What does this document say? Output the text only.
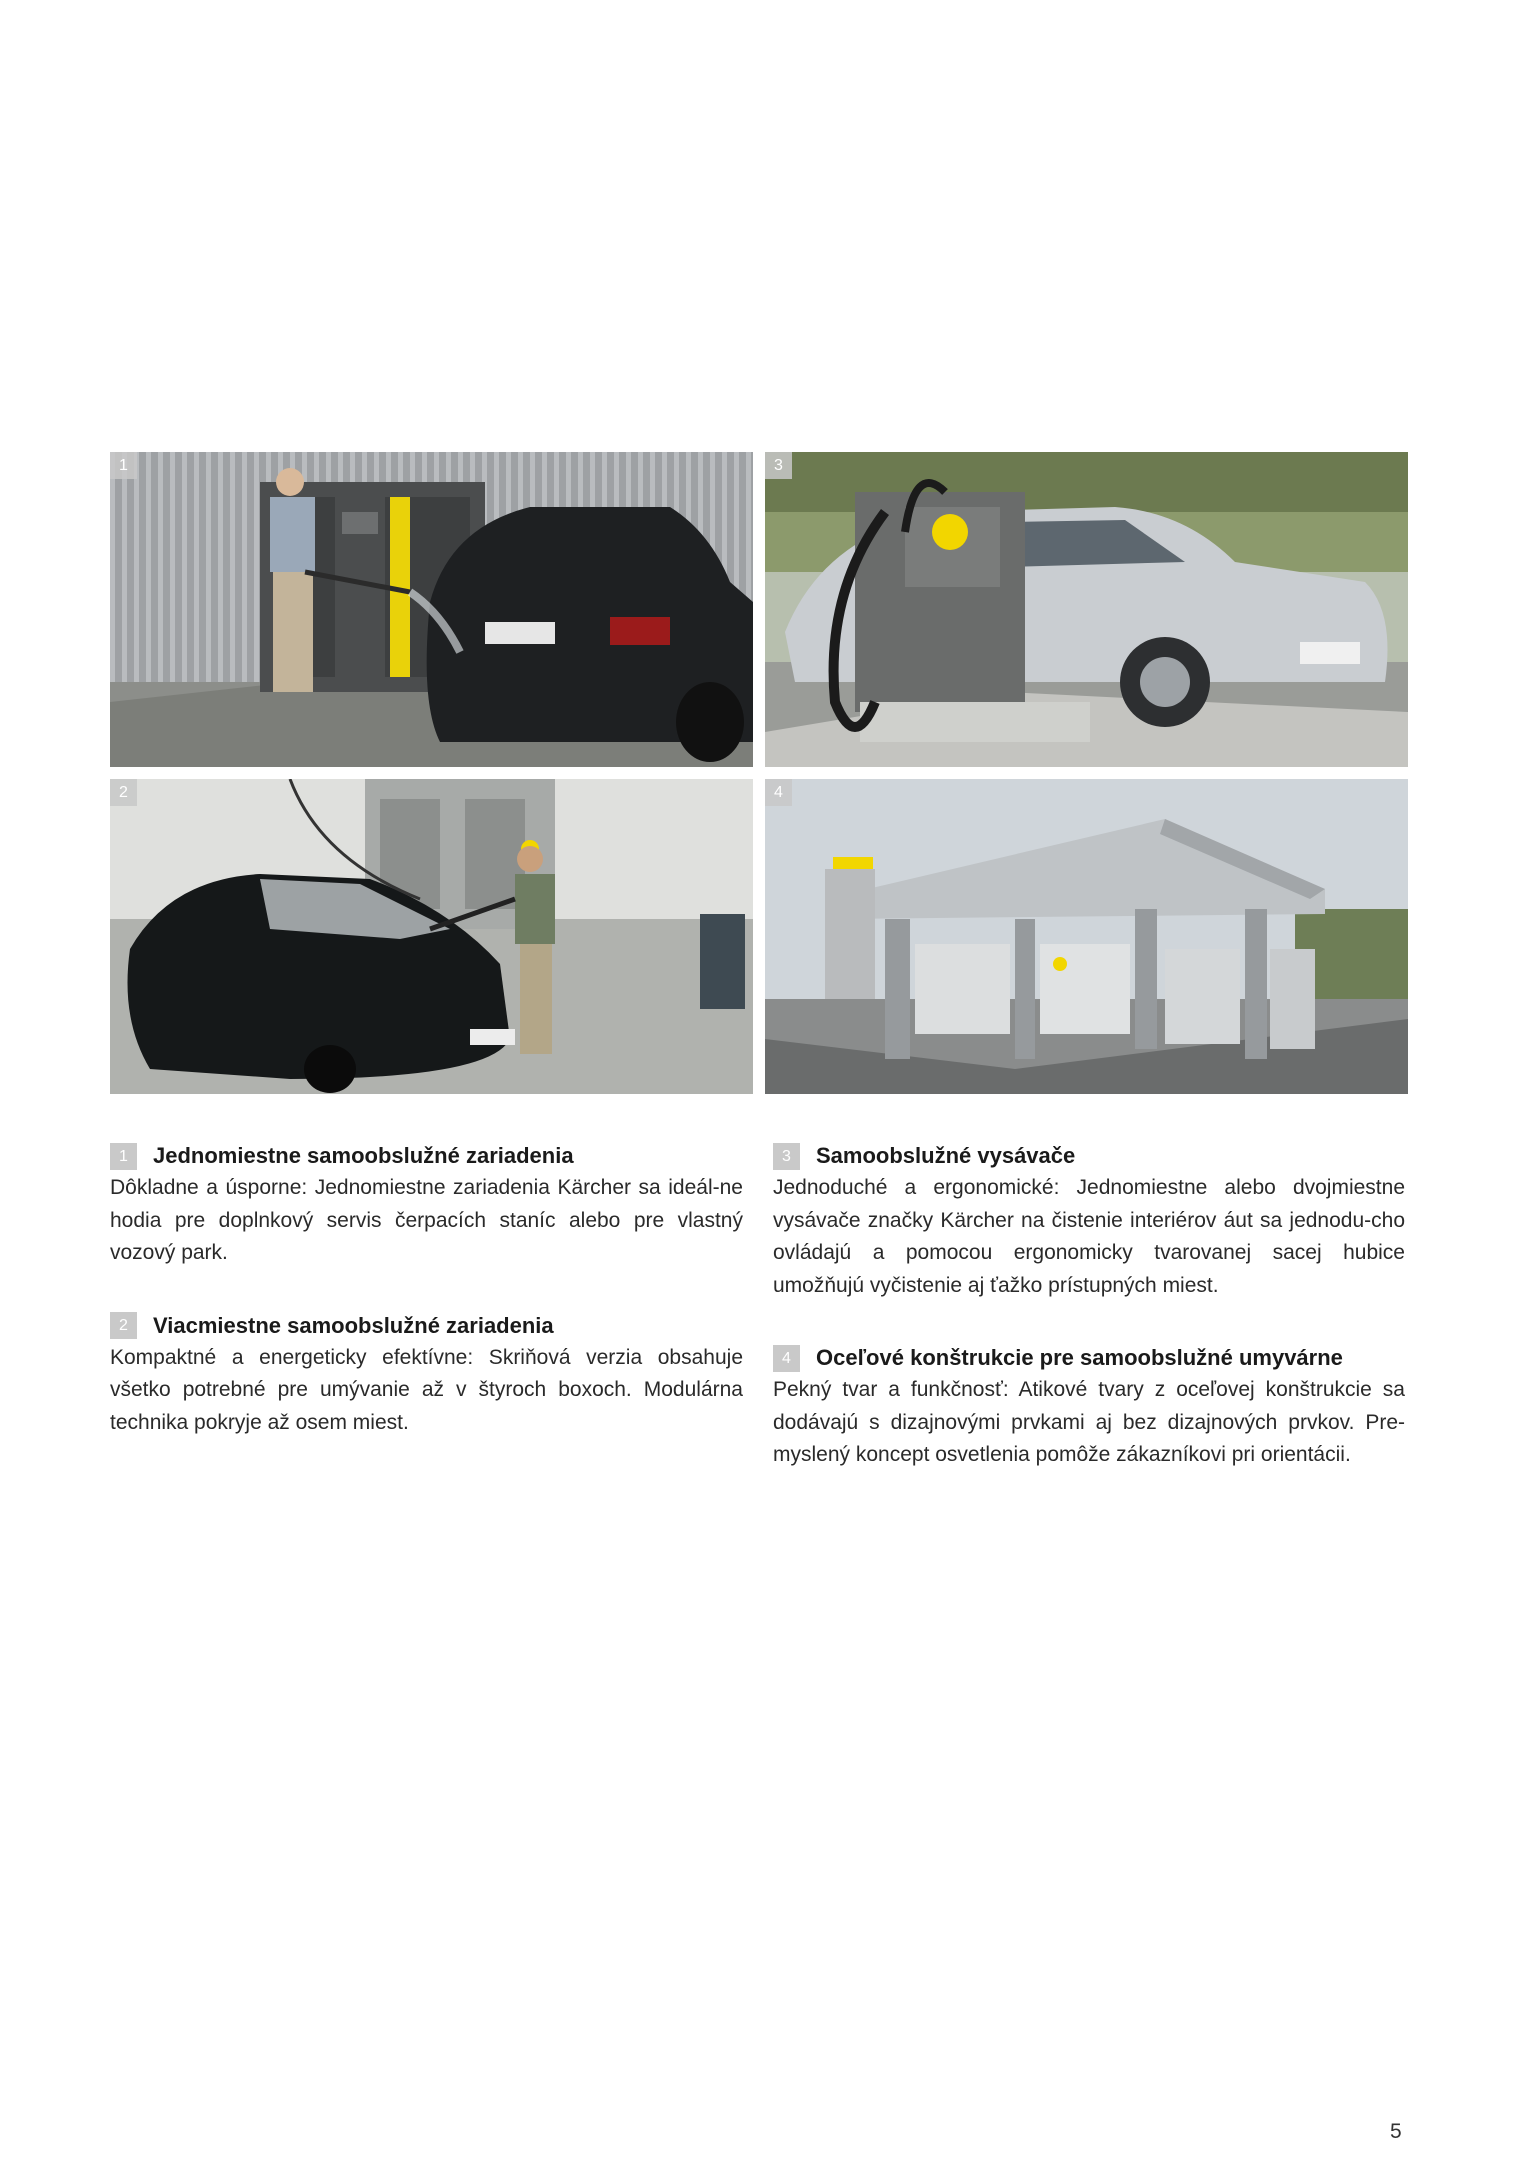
1	3
2	4
1	Jednomiestne samoobslužné zariadenia

Dôkladne a úsporne: Jednomiestne zariadenia Kärcher sa ideál-ne hodia pre doplnkový servis čerpacích staníc alebo pre vlastný vozový park.

2	Viacmiestne samoobslužné zariadenia

Kompaktné a energeticky efektívne: Skriňová verzia obsahuje všetko potrebné pre umývanie až v štyroch boxoch. Modulárna technika pokryje až osem miest.

3	Samoobslužné vysávače

Jednoduché a ergonomické: Jednomiestne alebo dvojmiestne vysávače značky Kärcher na čistenie interiérov áut sa jednodu-cho ovládajú a pomocou ergonomicky tvarovanej sacej hubice umožňujú vyčistenie aj ťažko prístupných miest.

4	Oceľové konštrukcie pre samoobslužné umyvárne

Pekný tvar a funkčnosť: Atikové tvary z oceľovej konštrukcie sa dodávajú s dizajnovými prvkami aj bez dizajnových prvkov. Pre-myslený koncept osvetlenia pomôže zákazníkovi pri orientácii.

5
